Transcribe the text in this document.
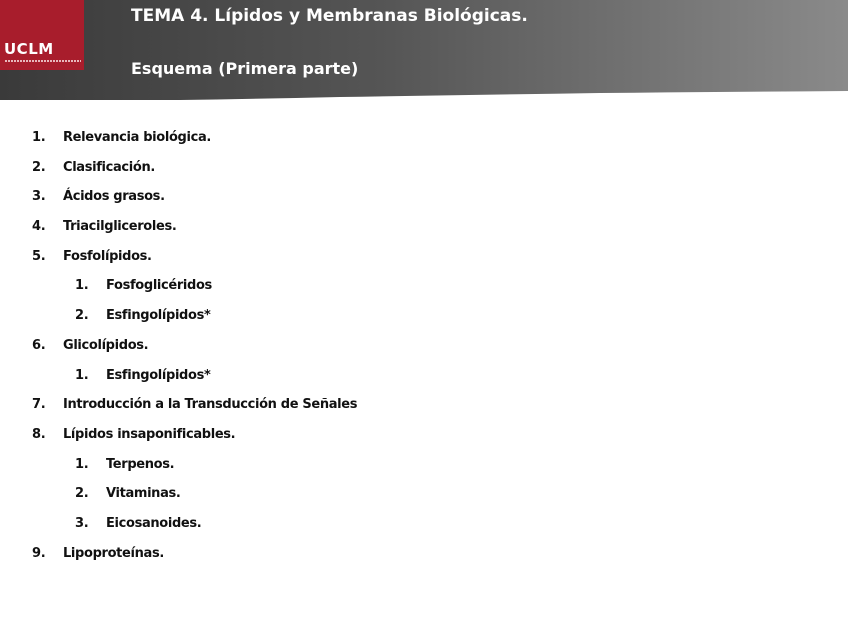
UCLM
TEMA 4. Lípidos y Membranas Biológicas.
Esquema (Primera parte)
1. Relevancia biológica.
2. Clasificación.
3. Ácidos grasos.
4. Triacilgliceroles.
5. Fosfolípidos.
1. Fosfoglicéridos
2. Esfingolípidos*
6. Glicolípidos.
1. Esfingolípidos*
7. Introducción a la Transducción de Señales
8. Lípidos insaponificables.
1. Terpenos.
2. Vitaminas.
3. Eicosanoides.
9. Lipoproteínas.
